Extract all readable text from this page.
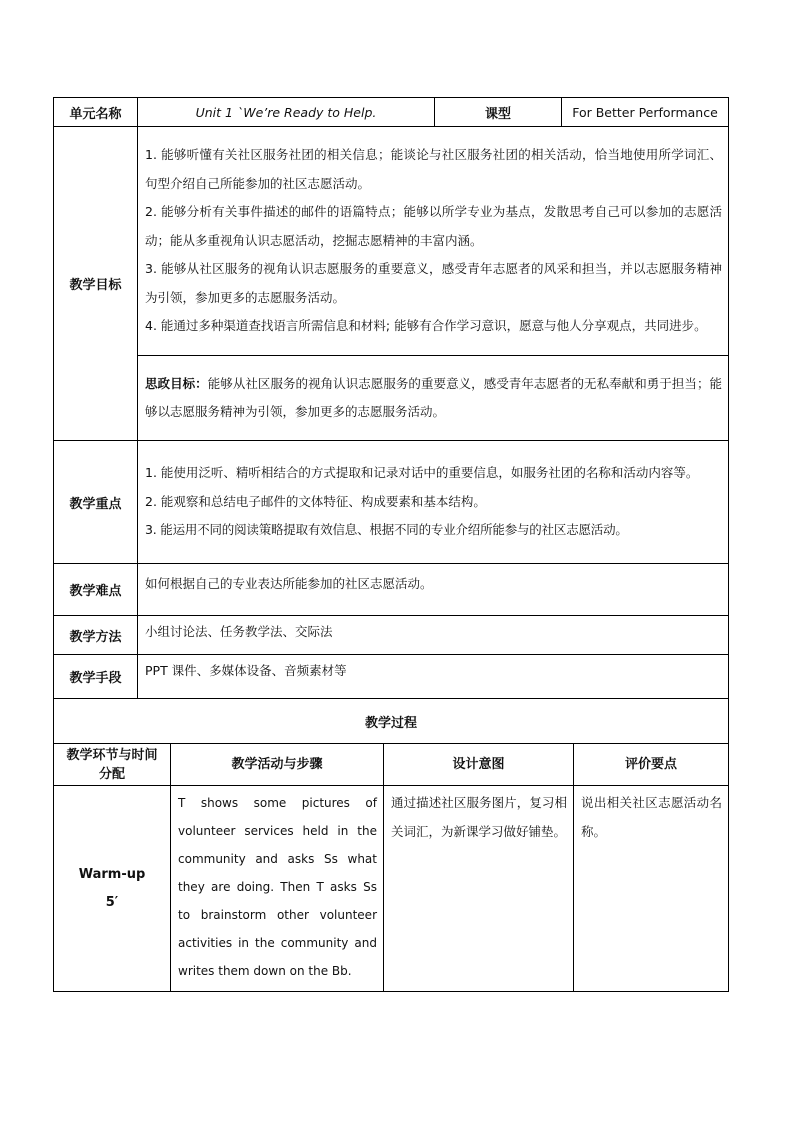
单元名称	Unit 1 `We’re Ready to Help.	课型	For Better Performance
教学目标	1. 能够听懂有关社区服务社团的相关信息；能谈论与社区服务社团的相关活动，恰当地使用所学词汇、句型介绍自己所能参加的社区志愿活动。

2. 能够分析有关事件描述的邮件的语篇特点；能够以所学专业为基点，发散思考自己可以参加的志愿活动；能从多重视角认识志愿活动，挖掘志愿精神的丰富内涵。

3. 能够从社区服务的视角认识志愿服务的重要意义，感受青年志愿者的风采和担当，并以志愿服务精神为引领，参加更多的志愿服务活动。

4. 能通过多种渠道查找语言所需信息和材料; 能够有合作学习意识，愿意与他人分享观点，共同进步。		

	思政目标：能够从社区服务的视角认识志愿服务的重要意义，感受青年志愿者的无私奉献和勇于担当；能够以志愿服务精神为引领，参加更多的志愿服务活动。		

教学重点	1. 能使用泛听、精听相结合的方式提取和记录对话中的重要信息，如服务社团的名称和活动内容等。

2. 能观察和总结电子邮件的文体特征、构成要素和基本结构。

3. 能运用不同的阅读策略提取有效信息、根据不同的专业介绍所能参与的社区志愿活动。		

教学难点	如何根据自己的专业表达所能参加的社区志愿活动。		
教学方法	小组讨论法、任务教学法、交际法		
教学手段	PPT 课件、多媒体设备、音频素材等		
教学过程			
教学环节与时间分配	教学活动与步骤	设计意图	评价要点

Warm-up
5′	T shows some pictures of volunteer services held in the community and asks Ss what they are doing. Then T asks Ss to brainstorm other volunteer activities in the community and writes them down on the Bb.	通过描述社区服务图片，复习相关词汇，为新课学习做好铺垫。	说出相关社区志愿活动名称。
